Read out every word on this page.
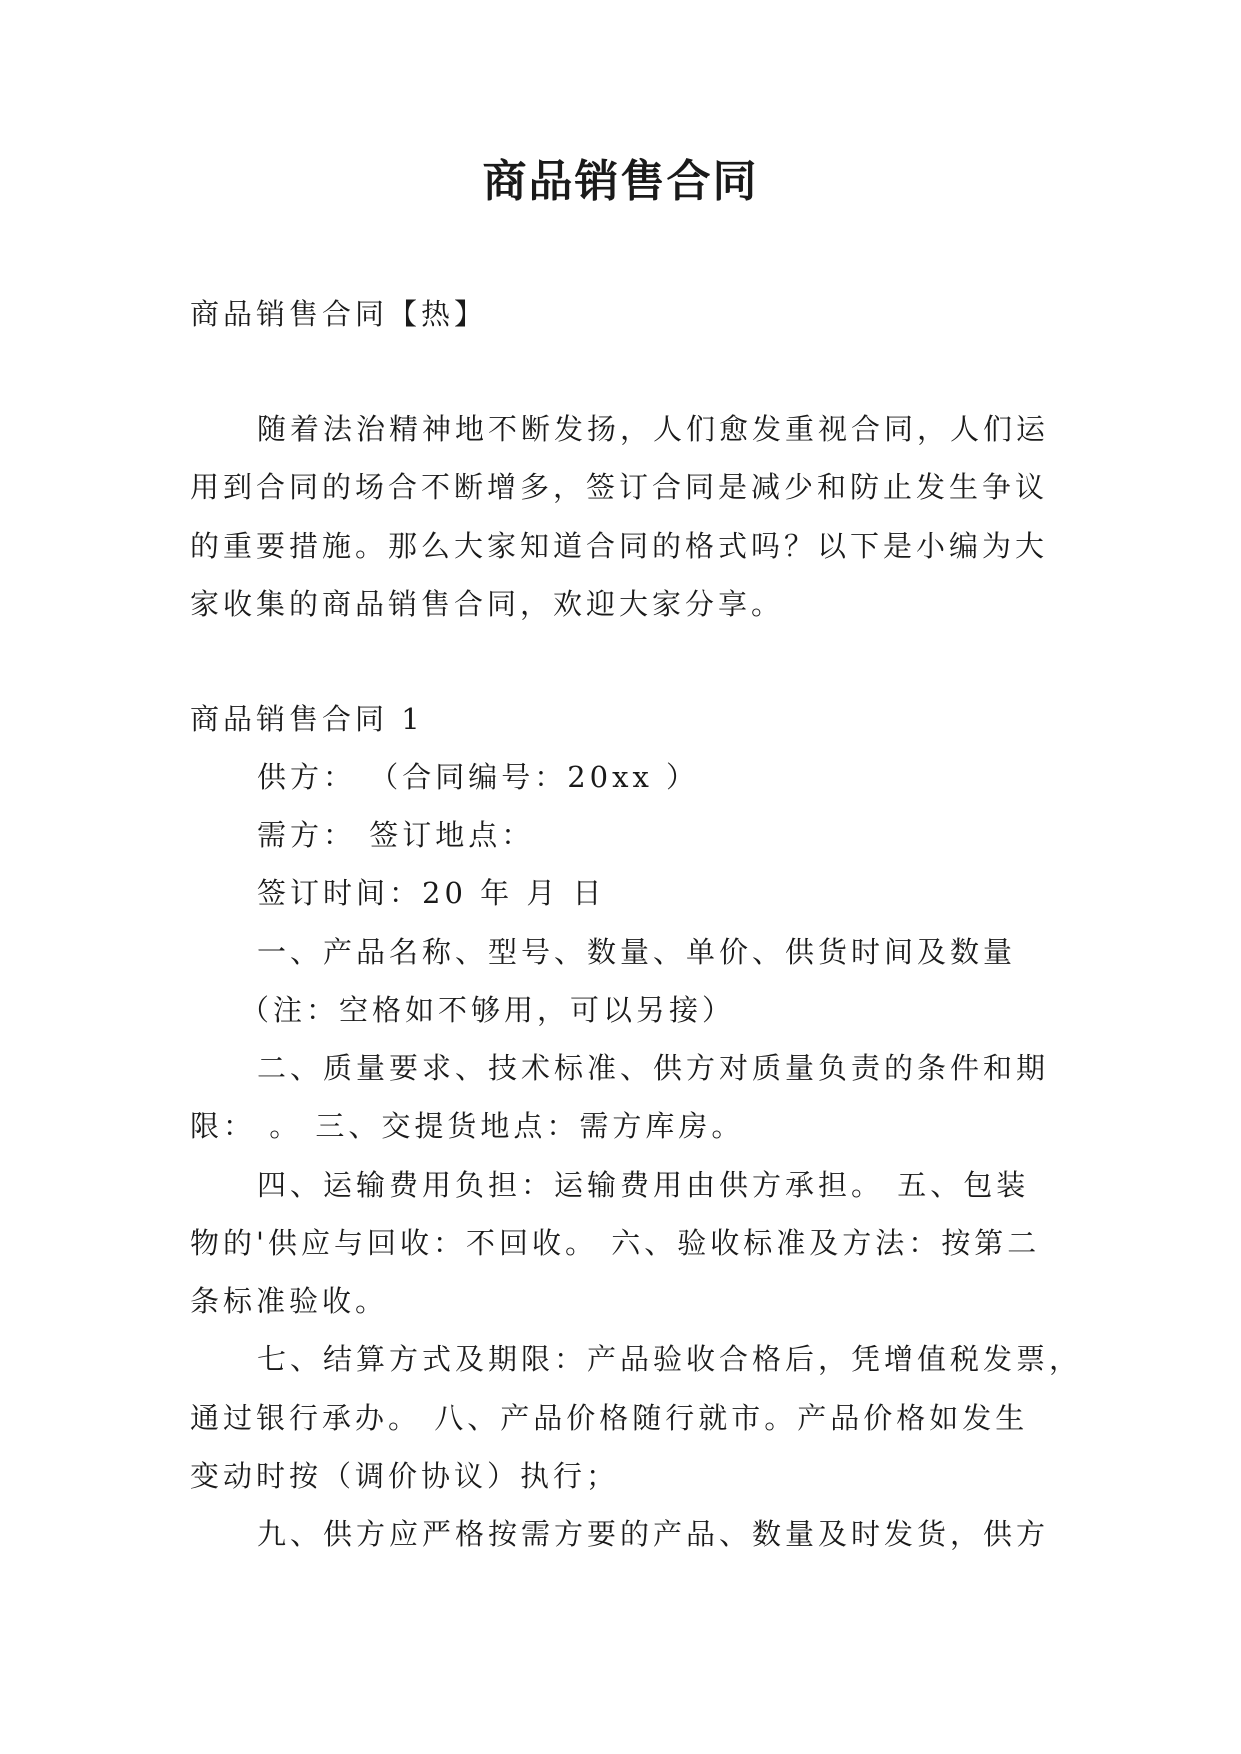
商品销售合同
商品销售合同【热】
随着法治精神地不断发扬，人们愈发重视合同，人们运
用到合同的场合不断增多，签订合同是减少和防止发生争议
的重要措施。那么大家知道合同的格式吗？以下是小编为大
家收集的商品销售合同，欢迎大家分享。
商品销售合同 1
供方： （合同编号：20xx ）
需方： 签订地点：
签订时间：20 年 月 日
一、产品名称、型号、数量、单价、供货时间及数量
（注：空格如不够用，可以另接）
二、质量要求、技术标准、供方对质量负责的条件和期
限： 。 三、交提货地点：需方库房。
四、运输费用负担：运输费用由供方承担。 五、包装
物的'供应与回收：不回收。 六、验收标准及方法：按第二
条标准验收。
七、结算方式及期限：产品验收合格后，凭增值税发票，
通过银行承办。 八、产品价格随行就市。产品价格如发生
变动时按（调价协议）执行；
九、供方应严格按需方要的产品、数量及时发货，供方
